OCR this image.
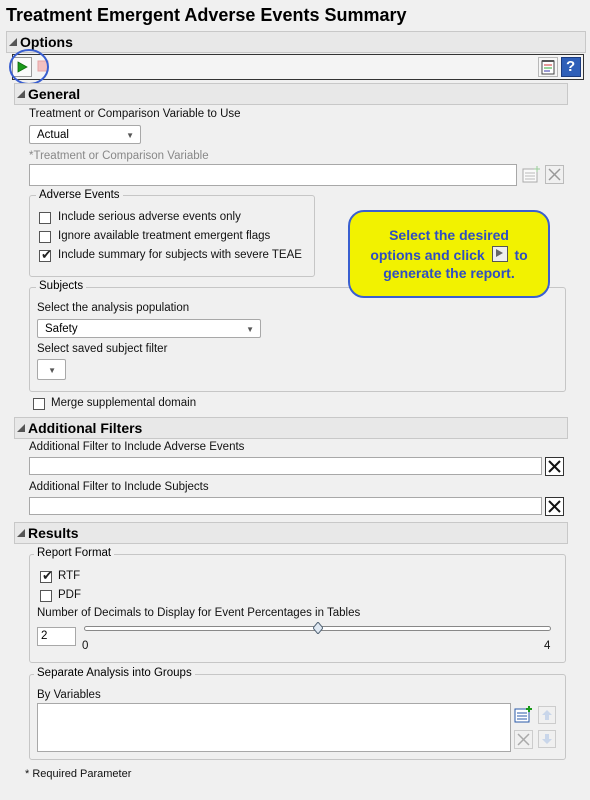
Treatment Emergent Adverse Events Summary
Options
?
General
Treatment or Comparison Variable to Use
Actual	▼
*Treatment or Comparison Variable
Adverse Events
Include serious adverse events only
Ignore available treatment emergent flags
✔ Include summary for subjects with severe TEAE
Subjects
Select the analysis population
Safety	▼
Select saved subject filter
▼
Select the desired
options and click to
generate the report.
Merge supplemental domain
Additional Filters
Additional Filter to Include Adverse Events
Additional Filter to Include Subjects
Results
Report Format
✔ RTF
PDF
Number of Decimals to Display for Event Percentages in Tables
2
0	4
Separate Analysis into Groups
By Variables
* Required Parameter
